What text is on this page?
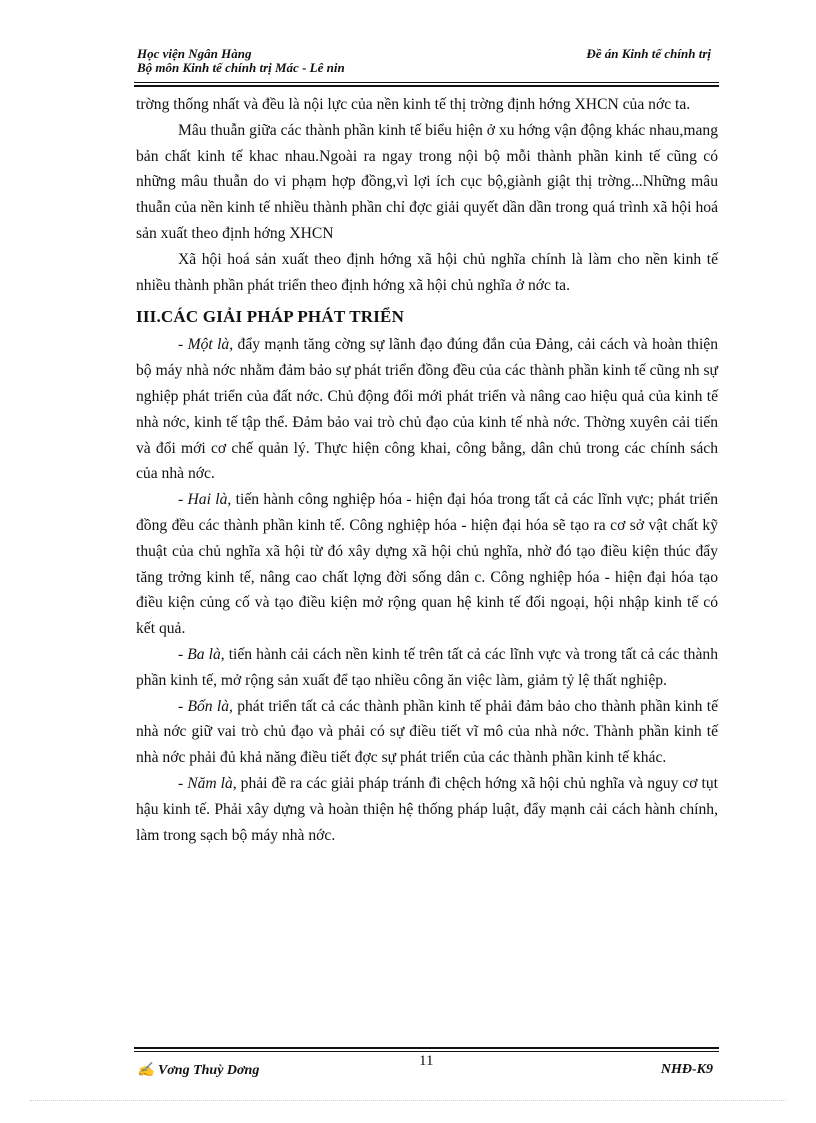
Học viện Ngân Hàng
Bộ môn Kinh tế chính trị Mác - Lê nin
Đề án Kinh tế chính trị

trờng thống nhất và đều là nội lực của nền kinh tế thị trờng định hớng XHCN của nớc ta.

Mâu thuẫn giữa các thành phần kinh tế biểu hiện ở xu hớng vận động khác nhau,mang bản chất kinh tế khac nhau.Ngoài ra ngay trong nội bộ mỗi thành phần kinh tế cũng có những mâu thuẫn do vi phạm hợp đồng,vì lợi ích cục bộ,giành giật thị trờng...Những mâu thuẫn của nền kinh tế nhiều thành phần chỉ đợc giải quyết dần dần trong quá trình xã hội hoá sản xuất theo định hớng XHCN

Xã hội hoá sản xuất theo định hớng xã hội chủ nghĩa chính là làm cho nền kinh tế nhiều thành phần phát triển theo định hớng xã hội chủ nghĩa ở nớc ta.

III.CÁC GIẢI PHÁP PHÁT TRIỂN

- Một là, đẩy mạnh tăng cờng sự lãnh đạo đúng đắn của Đảng, cải cách và hoàn thiện bộ máy nhà nớc nhằm đảm bảo sự phát triển đồng đều của các thành phần kinh tế cũng nh sự nghiệp phát triển của đất nớc. Chủ động đổi mới phát triển và nâng cao hiệu quả của kinh tế nhà nớc, kinh tế tập thể. Đảm bảo vai trò chủ đạo của kinh tế nhà nớc. Thờng xuyên cải tiến và đổi mới cơ chế quản lý. Thực hiện công khai, công bằng, dân chủ trong các chính sách của nhà nớc.

- Hai là, tiến hành công nghiệp hóa - hiện đại hóa trong tất cả các lĩnh vực; phát triển đồng đều các thành phần kinh tế. Công nghiệp hóa - hiện đại hóa sẽ tạo ra cơ sở vật chất kỹ thuật của chủ nghĩa xã hội từ đó xây dựng xã hội chủ nghĩa, nhờ đó tạo điều kiện thúc đẩy tăng trởng kinh tế, nâng cao chất lợng đời sống dân c. Công nghiệp hóa - hiện đại hóa tạo điều kiện củng cố và tạo điều kiện mở rộng quan hệ kinh tế đối ngoại, hội nhập kinh tế có kết quả.

- Ba là, tiến hành cải cách nền kinh tế trên tất cả các lĩnh vực và trong tất cả các thành phần kinh tế, mở rộng sản xuất để tạo nhiều công ăn việc làm, giảm tỷ lệ thất nghiệp.

- Bốn là, phát triển tất cả các thành phần kinh tế phải đảm bảo cho thành phần kinh tế nhà nớc giữ vai trò chủ đạo và phải có sự điều tiết vĩ mô của nhà nớc. Thành phần kinh tế nhà nớc phải đủ khả năng điều tiết đợc sự phát triển của các thành phần kinh tế khác.

- Năm là, phải đề ra các giải pháp tránh đi chệch hớng xã hội chủ nghĩa và nguy cơ tụt hậu kinh tế. Phải xây dựng và hoàn thiện hệ thống pháp luật, đẩy mạnh cải cách hành chính, làm trong sạch bộ máy nhà nớc.

✍ Vơng Thuỳ Dơng
11
NHĐ-K9
